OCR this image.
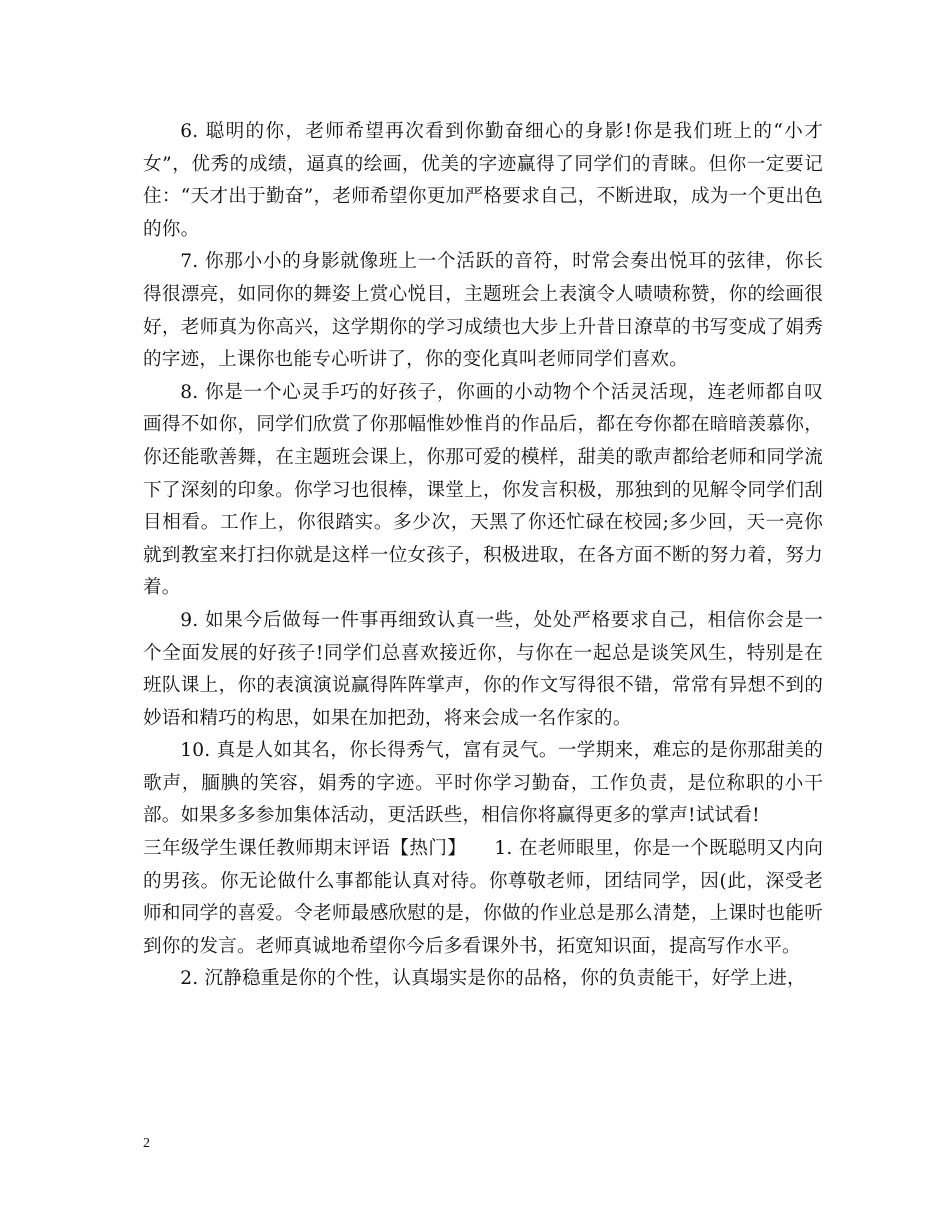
6. 聪明的你，老师希望再次看到你勤奋细心的身影!你是我们班上的“小才女”，优秀的成绩，逼真的绘画，优美的字迹赢得了同学们的青睐。但你一定要记住：“天才出于勤奋”，老师希望你更加严格要求自己，不断进取，成为一个更出色的你。

7. 你那小小的身影就像班上一个活跃的音符，时常会奏出悦耳的弦律，你长得很漂亮，如同你的舞姿上赏心悦目，主题班会上表演令人啧啧称赞，你的绘画很好，老师真为你高兴，这学期你的学习成绩也大步上升昔日潦草的书写变成了娟秀的字迹，上课你也能专心听讲了，你的变化真叫老师同学们喜欢。

8. 你是一个心灵手巧的好孩子，你画的小动物个个活灵活现，连老师都自叹画得不如你，同学们欣赏了你那幅惟妙惟肖的作品后，都在夸你都在暗暗羡慕你，你还能歌善舞，在主题班会课上，你那可爱的模样，甜美的歌声都给老师和同学流下了深刻的印象。你学习也很棒，课堂上，你发言积极，那独到的见解令同学们刮目相看。工作上，你很踏实。多少次，天黑了你还忙碌在校园;多少回，天一亮你就到教室来打扫你就是这样一位女孩子，积极进取，在各方面不断的努力着，努力着。

9. 如果今后做每一件事再细致认真一些，处处严格要求自己，相信你会是一个全面发展的好孩子!同学们总喜欢接近你，与你在一起总是谈笑风生，特别是在班队课上，你的表演演说赢得阵阵掌声，你的作文写得很不错，常常有异想不到的妙语和精巧的构思，如果在加把劲，将来会成一名作家的。

10. 真是人如其名，你长得秀气，富有灵气。一学期来，难忘的是你那甜美的歌声，腼腆的笑容，娟秀的字迹。平时你学习勤奋，工作负责，是位称职的小干部。如果多多参加集体活动，更活跃些，相信你将赢得更多的掌声!试试看!

三年级学生课任教师期末评语【热门】 1. 在老师眼里，你是一个既聪明又内向的男孩。你无论做什么事都能认真对待。你尊敬老师，团结同学，因(此，深受老师和同学的喜爱。令老师最感欣慰的是，你做的作业总是那么清楚，上课时也能听到你的发言。老师真诚地希望你今后多看课外书，拓宽知识面，提高写作水平。

2. 沉静稳重是你的个性，认真塌实是你的品格，你的负责能干，好学上进，

2
